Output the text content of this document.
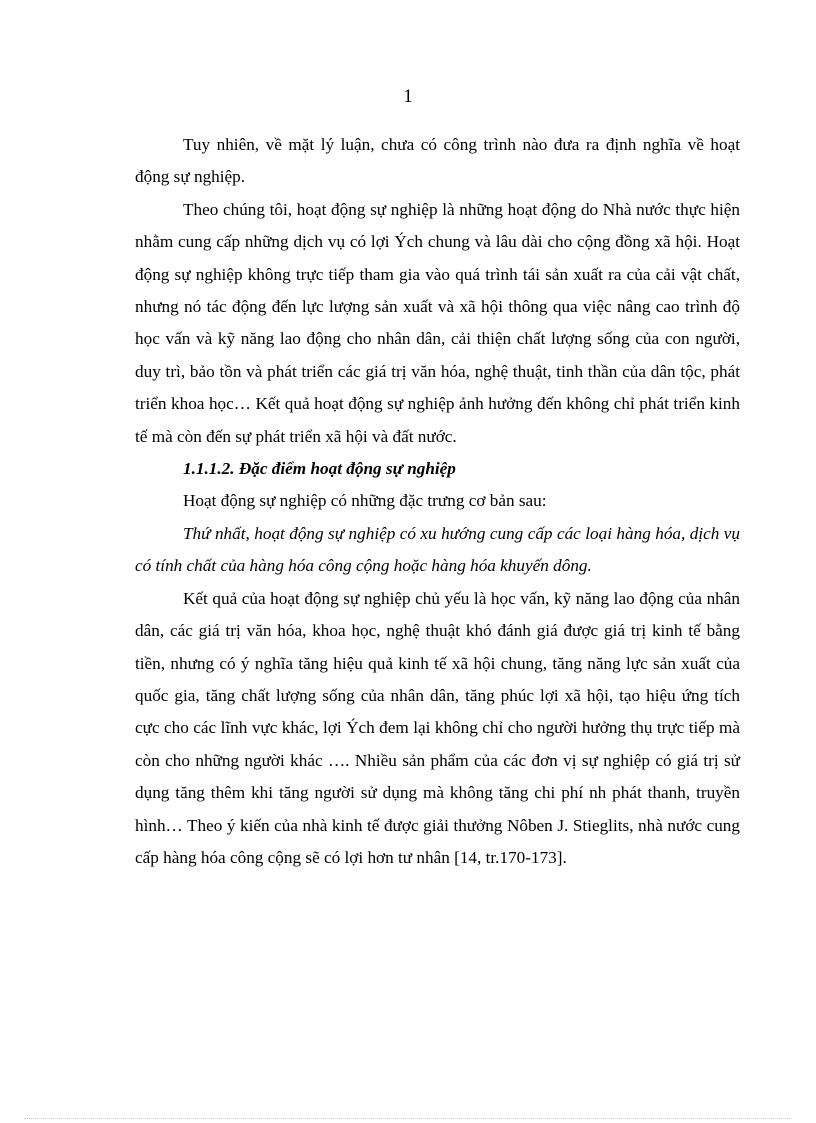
1

Tuy nhiên, về mặt lý luận, chưa có công trình nào đưa ra định nghĩa về hoạt động sự nghiệp.

Theo chúng tôi, hoạt động sự nghiệp là những hoạt động do Nhà nước thực hiện nhằm cung cấp những dịch vụ có lợi Ých chung và lâu dài cho cộng đồng xã hội. Hoạt động sự nghiệp không trực tiếp tham gia vào quá trình tái sản xuất ra của cải vật chất, nhưng nó tác động đến lực lượng sản xuất và xã hội thông qua việc nâng cao trình độ học vấn và kỹ năng lao động cho nhân dân, cải thiện chất lượng sống của con người, duy trì, bảo tồn và phát triển các giá trị văn hóa, nghệ thuật, tinh thần của dân tộc, phát triển khoa học… Kết quả hoạt động sự nghiệp ảnh hưởng đến không chỉ phát triển kinh tế mà còn đến sự phát triển xã hội và đất nước.

1.1.1.2. Đặc điểm hoạt động sự nghiệp

Hoạt động sự nghiệp có những đặc trưng cơ bản sau:

Thứ nhất, hoạt động sự nghiệp có xu hướng cung cấp các loại hàng hóa, dịch vụ có tính chất của hàng hóa công cộng hoặc hàng hóa khuyến dông.

Kết quả của hoạt động sự nghiệp chủ yếu là học vấn, kỹ năng lao động của nhân dân, các giá trị văn hóa, khoa học, nghệ thuật khó đánh giá được giá trị kinh tế bằng tiền, nhưng có ý nghĩa tăng hiệu quả kinh tế xã hội chung, tăng năng lực sản xuất của quốc gia, tăng chất lượng sống của nhân dân, tăng phúc lợi xã hội, tạo hiệu ứng tích cực cho các lĩnh vực khác, lợi Ých đem lại không chỉ cho người hưởng thụ trực tiếp mà còn cho những người khác …. Nhiều sản phẩm của các đơn vị sự nghiệp có giá trị sử dụng tăng thêm khi tăng người sử dụng mà không tăng chi phí nh phát thanh, truyền hình… Theo ý kiến của nhà kinh tế được giải thưởng Nôben J. Stieglits, nhà nước cung cấp hàng hóa công cộng sẽ có lợi hơn tư nhân [14, tr.170-173].
